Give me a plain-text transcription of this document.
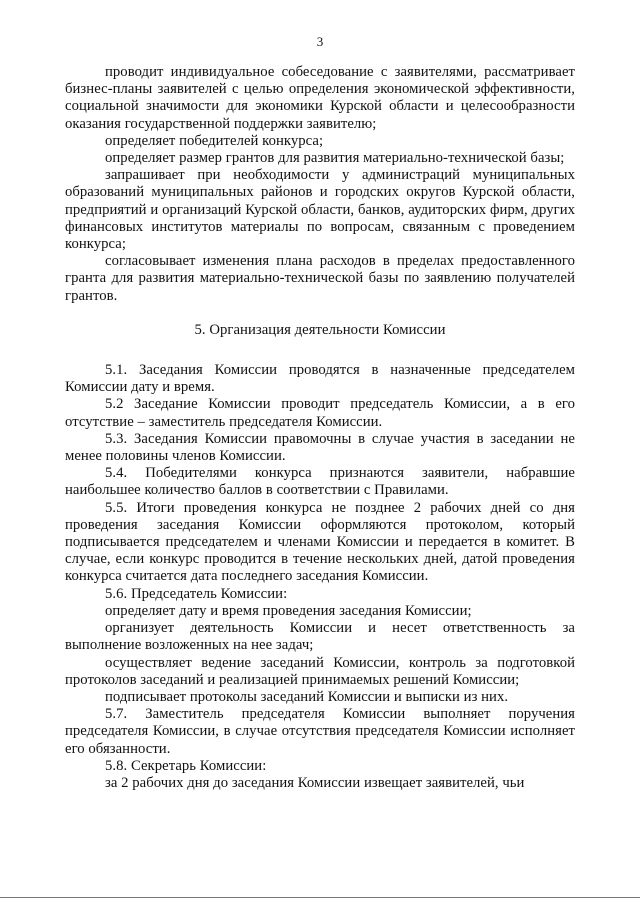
3

проводит индивидуальное собеседование с заявителями, рассматривает бизнес-планы заявителей с целью определения экономической эффективности, социальной значимости для экономики Курской области и целесообразности оказания государственной поддержки заявителю;

определяет победителей конкурса;

определяет размер грантов для развития материально-технической базы;

запрашивает при необходимости у администраций муниципальных образований муниципальных районов и городских округов Курской области, предприятий и организаций Курской области, банков, аудиторских фирм, других финансовых институтов материалы по вопросам, связанным с проведением конкурса;

согласовывает изменения плана расходов в пределах предоставленного гранта для развития материально-технической базы по заявлению получателей грантов.

5. Организация деятельности Комиссии

5.1. Заседания Комиссии проводятся в назначенные председателем Комиссии дату и время.

5.2 Заседание Комиссии проводит председатель Комиссии, а в его отсутствие – заместитель председателя Комиссии.

5.3. Заседания Комиссии правомочны в случае участия в заседании не менее половины членов Комиссии.

5.4. Победителями конкурса признаются заявители, набравшие наибольшее количество баллов в соответствии с Правилами.

5.5. Итоги проведения конкурса не позднее 2 рабочих дней со дня проведения заседания Комиссии оформляются протоколом, который подписывается председателем и членами Комиссии и передается в комитет. В случае, если конкурс проводится в течение нескольких дней, датой проведения конкурса считается дата последнего заседания Комиссии.

5.6. Председатель Комиссии:

определяет дату и время проведения заседания Комиссии;

организует деятельность Комиссии и несет ответственность за выполнение возложенных на нее задач;

осуществляет ведение заседаний Комиссии, контроль за подготовкой протоколов заседаний и реализацией принимаемых решений Комиссии;

подписывает протоколы заседаний Комиссии и выписки из них.

5.7. Заместитель председателя Комиссии выполняет поручения председателя Комиссии, в случае отсутствия председателя Комиссии исполняет его обязанности.

5.8. Секретарь Комиссии:

за 2 рабочих дня до заседания Комиссии извещает заявителей, чьи
